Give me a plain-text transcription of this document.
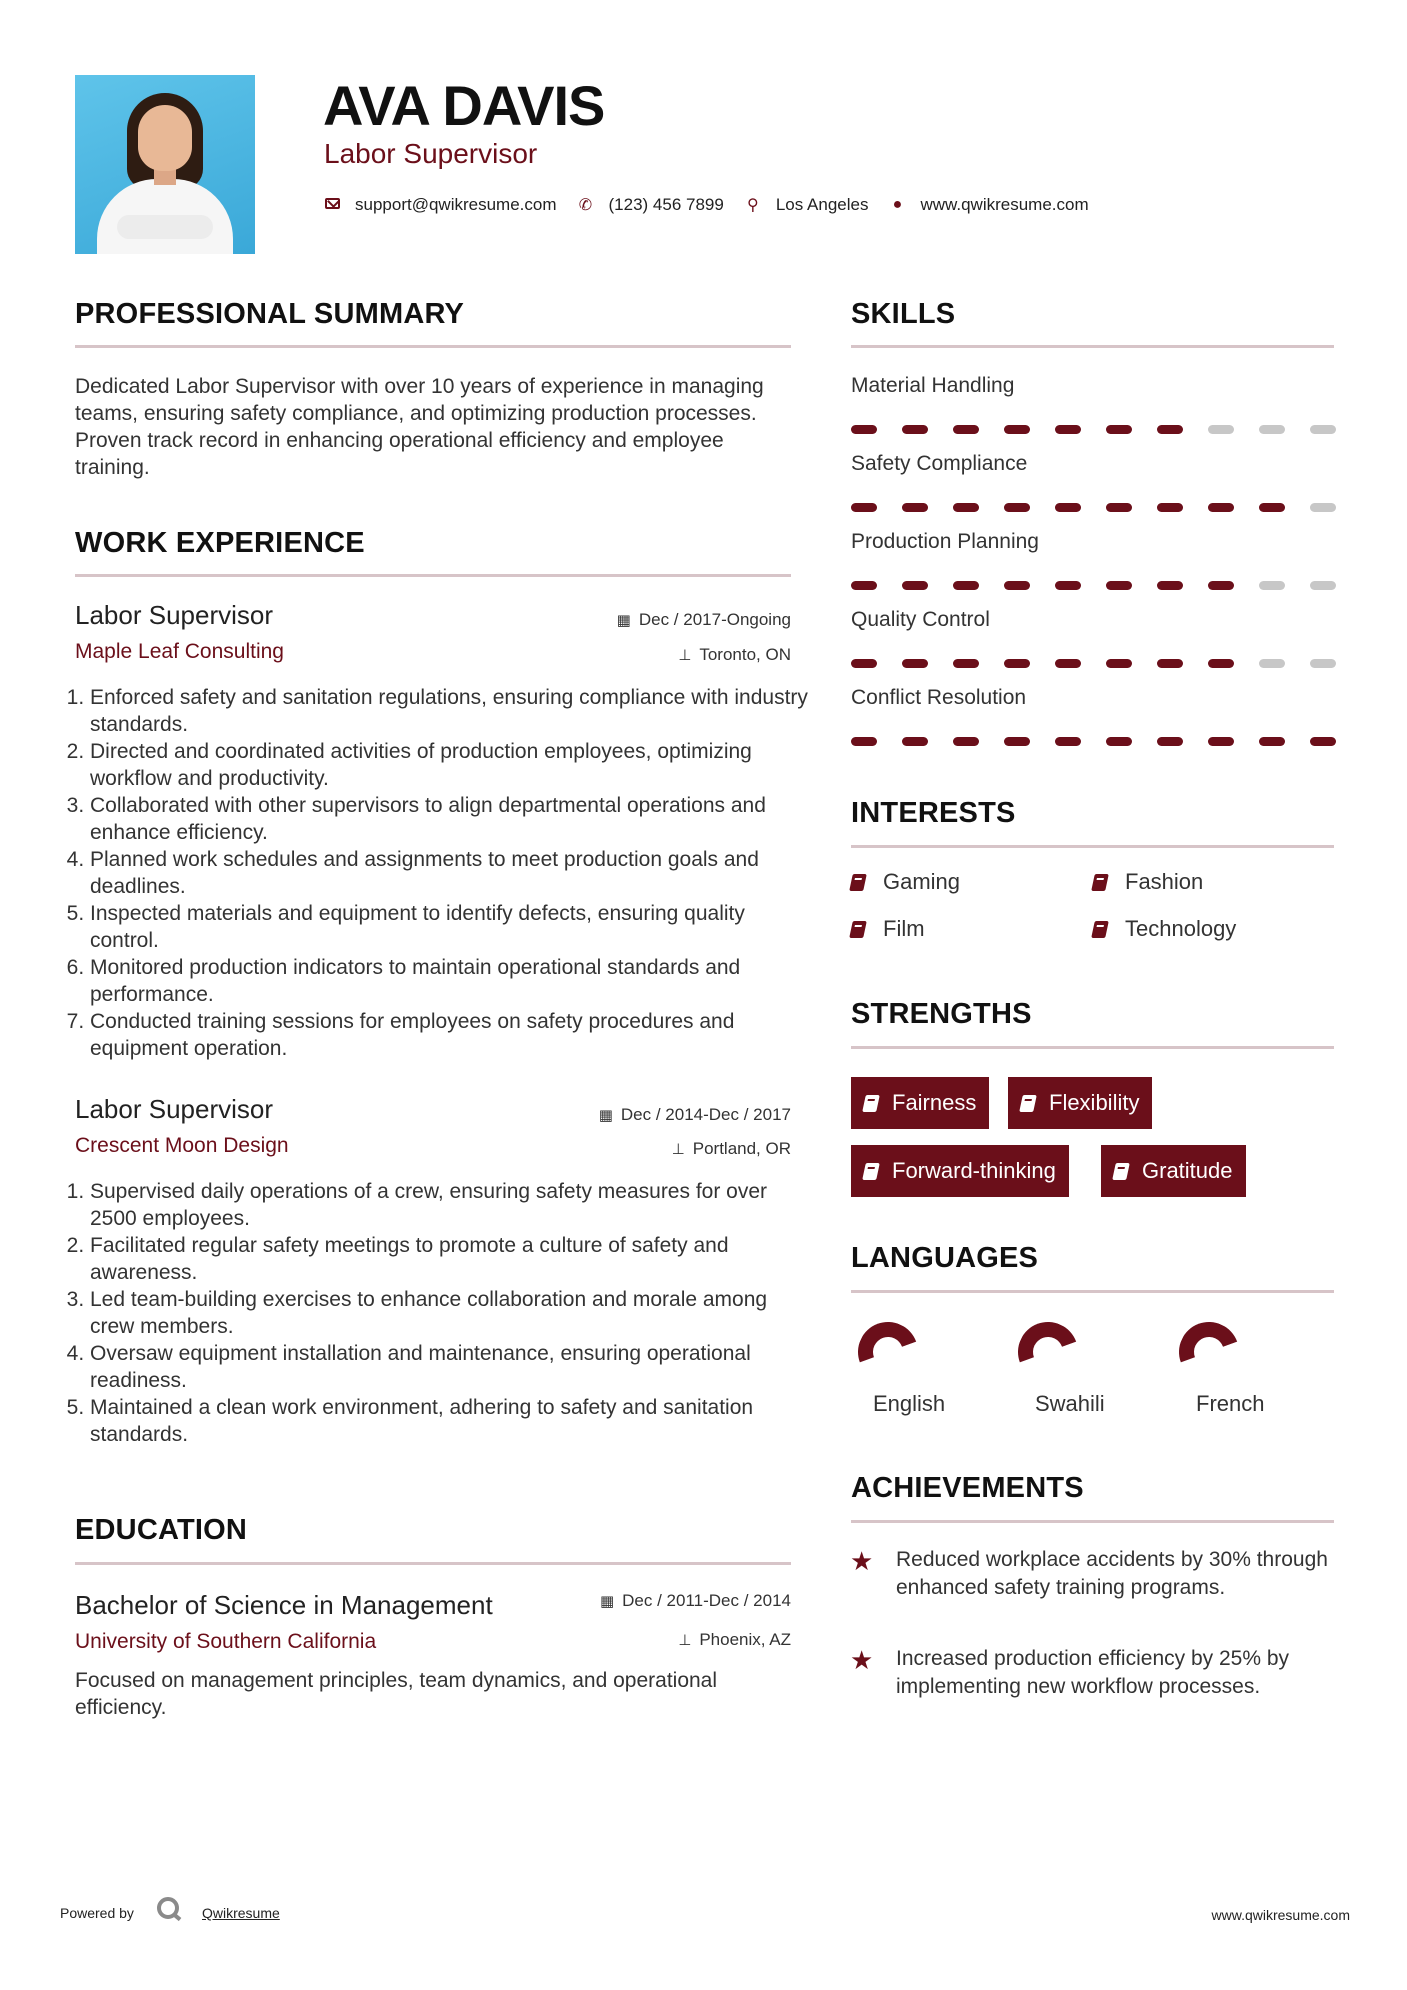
AVA DAVIS
Labor Supervisor
support@qwikresume.com ✆ (123) 456 7899 ⚲ Los Angeles ● www.qwikresume.com
PROFESSIONAL SUMMARY

Dedicated Labor Supervisor with over 10 years of experience in managing teams, ensuring safety compliance, and optimizing production processes. Proven track record in enhancing operational efficiency and employee training.

WORK EXPERIENCE
Labor Supervisor
Maple Leaf Consulting
▦ Dec / 2017-Ongoing
⊥ Toronto, ON
1. Enforced safety and sanitation regulations, ensuring compliance with industry standards.
2. Directed and coordinated activities of production employees, optimizing workflow and productivity.
3. Collaborated with other supervisors to align departmental operations and enhance efficiency.
4. Planned work schedules and assignments to meet production goals and deadlines.
5. Inspected materials and equipment to identify defects, ensuring quality control.
6. Monitored production indicators to maintain operational standards and performance.
7. Conducted training sessions for employees on safety procedures and equipment operation.
Labor Supervisor
Crescent Moon Design
▦ Dec / 2014-Dec / 2017
⊥ Portland, OR
1. Supervised daily operations of a crew, ensuring safety measures for over 2500 employees.
2. Facilitated regular safety meetings to promote a culture of safety and awareness.
3. Led team-building exercises to enhance collaboration and morale among crew members.
4. Oversaw equipment installation and maintenance, ensuring operational readiness.
5. Maintained a clean work environment, adhering to safety and sanitation standards.
EDUCATION
Bachelor of Science in Management
University of Southern California
▦ Dec / 2011-Dec / 2014
⊥ Phoenix, AZ

Focused on management principles, team dynamics, and operational efficiency.

SKILLS
Material Handling
Safety Compliance
Production Planning
Quality Control
Conflict Resolution
INTERESTS
Gaming	Fashion
Film	Technology
STRENGTHS
Fairness	Flexibility
Forward-thinking	Gratitude
LANGUAGES
English	Swahili	French
ACHIEVEMENTS
★ Reduced workplace accidents by 30% through enhanced safety training programs.

★ Increased production efficiency by 25% by implementing new workflow processes.

Powered by	Qwikresume	www.qwikresume.com
